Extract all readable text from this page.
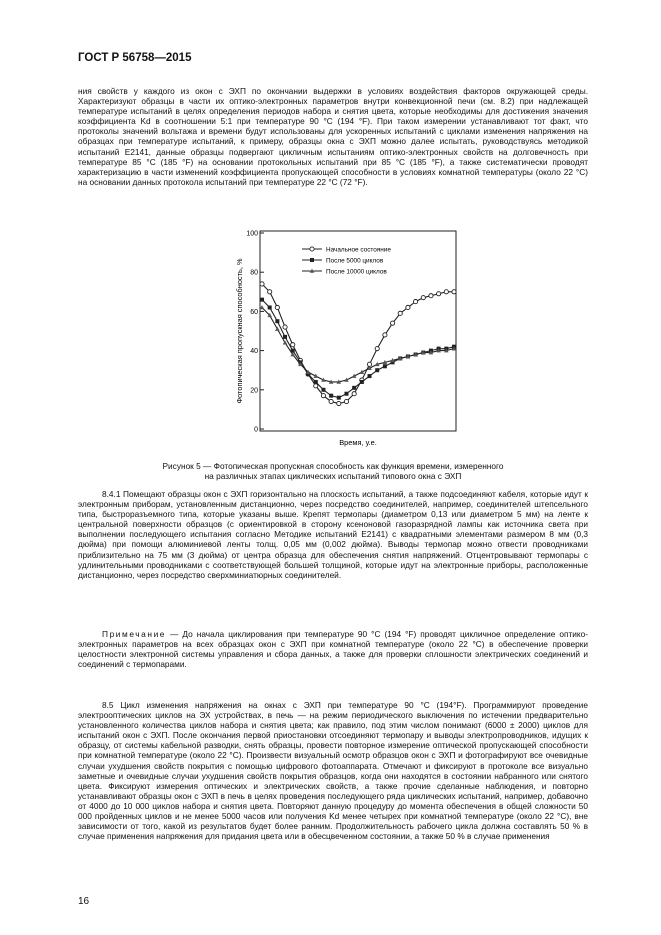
ГОСТ Р 56758—2015

ния свойств у каждого из окон с ЭХП по окончании выдержки в условиях воздействия факторов окружающей среды. Характеризуют образцы в части их оптико-электронных параметров внутри конвекционной печи (см. 8.2) при надлежащей температуре испытаний в целях определения периодов набора и снятия цвета, которые необходимы для достижения значения коэффициента Kd в соотношении 5:1 при температуре 90 °С (194 °F). При таком измерении устанавливают тот факт, что протоколы значений вольтажа и времени будут использованы для ускоренных испытаний с циклами изменения напряжения на образцах при температуре испытаний, к примеру, образцы окна с ЭХП можно далее испытать, руководствуясь методикой испытаний E2141, данные образцы подвергают цикличным испытаниям оптико-электронных свойств на долговечность при температуре 85 °С (185 °F) на основании протокольных испытаний при 85 °С (185 °F), а также систематически проводят характеризацию в части изменений коэффициента пропускающей способности в условиях комнатной температуры (около 22 °С) на основании данных протокола испытаний при температуре 22 °С (72 °F).

Фотопическая пропускная способность, %
Время, у.е.
0
20
40
60
80
100
Начальное состояние
После 5000 циклов
После 10000 циклов
Рисунок 5 — Фотопическая пропускная способность как функция времени, измеренного
на различных этапах циклических испытаний типового окна с ЭХП

8.4.1 Помещают образцы окон с ЭХП горизонтально на плоскость испытаний, а также подсоединяют кабеля, которые идут к электронным приборам, установленным дистанционно, через посредство соединителей, например, соединителей штепсельного типа, быстроразъемного типа, которые указаны выше. Крепят термопары (диаметром 0,13 или диаметром 5 мм) на ленте к центральной поверхности образцов (с ориентировкой в сторону ксеноновой газоразрядной лампы как источника света при выполнении последующего испытания согласно Методике испытаний E2141) с квадратными элементами размером 8 мм (0,3 дюйма) при помощи алюминиевой ленты толщ. 0,05 мм (0,002 дюйма). Выводы термопар можно отвести проводниками приблизительно на 75 мм (3 дюйма) от центра образца для обеспечения снятия напряжений. Отцентровывают термопары с удлинительными проводниками с соответствующей большей толщиной, которые идут на электронные приборы, расположенные дистанционно, через посредство сверхминиатюрных соединителей.

Примечание — До начала циклирования при температуре 90 °С (194 °F) проводят цикличное определение оптико-электронных параметров на всех образцах окон с ЭХП при комнатной температуре (около 22 °С) в обеспечение проверки целостности электронной системы управления и сбора данных, а также для проверки сплошности электрических соединений и соединений с термопарами.

8.5 Цикл изменения напряжения на окнах с ЭХП при температуре 90 °С (194°F). Программируют проведение электрооптических циклов на ЭХ устройствах, в печь — на режим периодического выключения по истечении предварительно установленного количества циклов набора и снятия цвета; как правило, под этим числом понимают (6000 ± 2000) циклов для испытаний окон с ЭХП. После окончания первой приостановки отсоединяют термопару и выводы электропроводников, идущих к образцу, от системы кабельной разводки, снять образцы, провести повторное измерение оптической пропускающей способности при комнатной температуре (около 22 °С). Произвести визуальный осмотр образцов окон с ЭХП и фотографируют все очевидные случаи ухудшения свойств покрытия с помощью цифрового фотоаппарата. Отмечают и фиксируют в протоколе все визуально заметные и очевидные случаи ухудшения свойств покрытия образцов, когда они находятся в состоянии набранного или снятого цвета. Фиксируют измерения оптических и электрических свойств, а также прочие сделанные наблюдения, и повторно устанавливают образцы окон с ЭХП в печь в целях проведения последующего ряда циклических испытаний, например, добавочно от 4000 до 10 000 циклов набора и снятия цвета. Повторяют данную процедуру до момента обеспечения в общей сложности 50 000 пройденных циклов и не менее 5000 часов или получения Kd менее четырех при комнатной температуре (около 22 °С), вне зависимости от того, какой из результатов будет более ранним. Продолжительность рабочего цикла должна составлять 50 % в случае применения напряжения для придания цвета или в обесцвеченном состоянии, а также 50 % в случае применения

16
